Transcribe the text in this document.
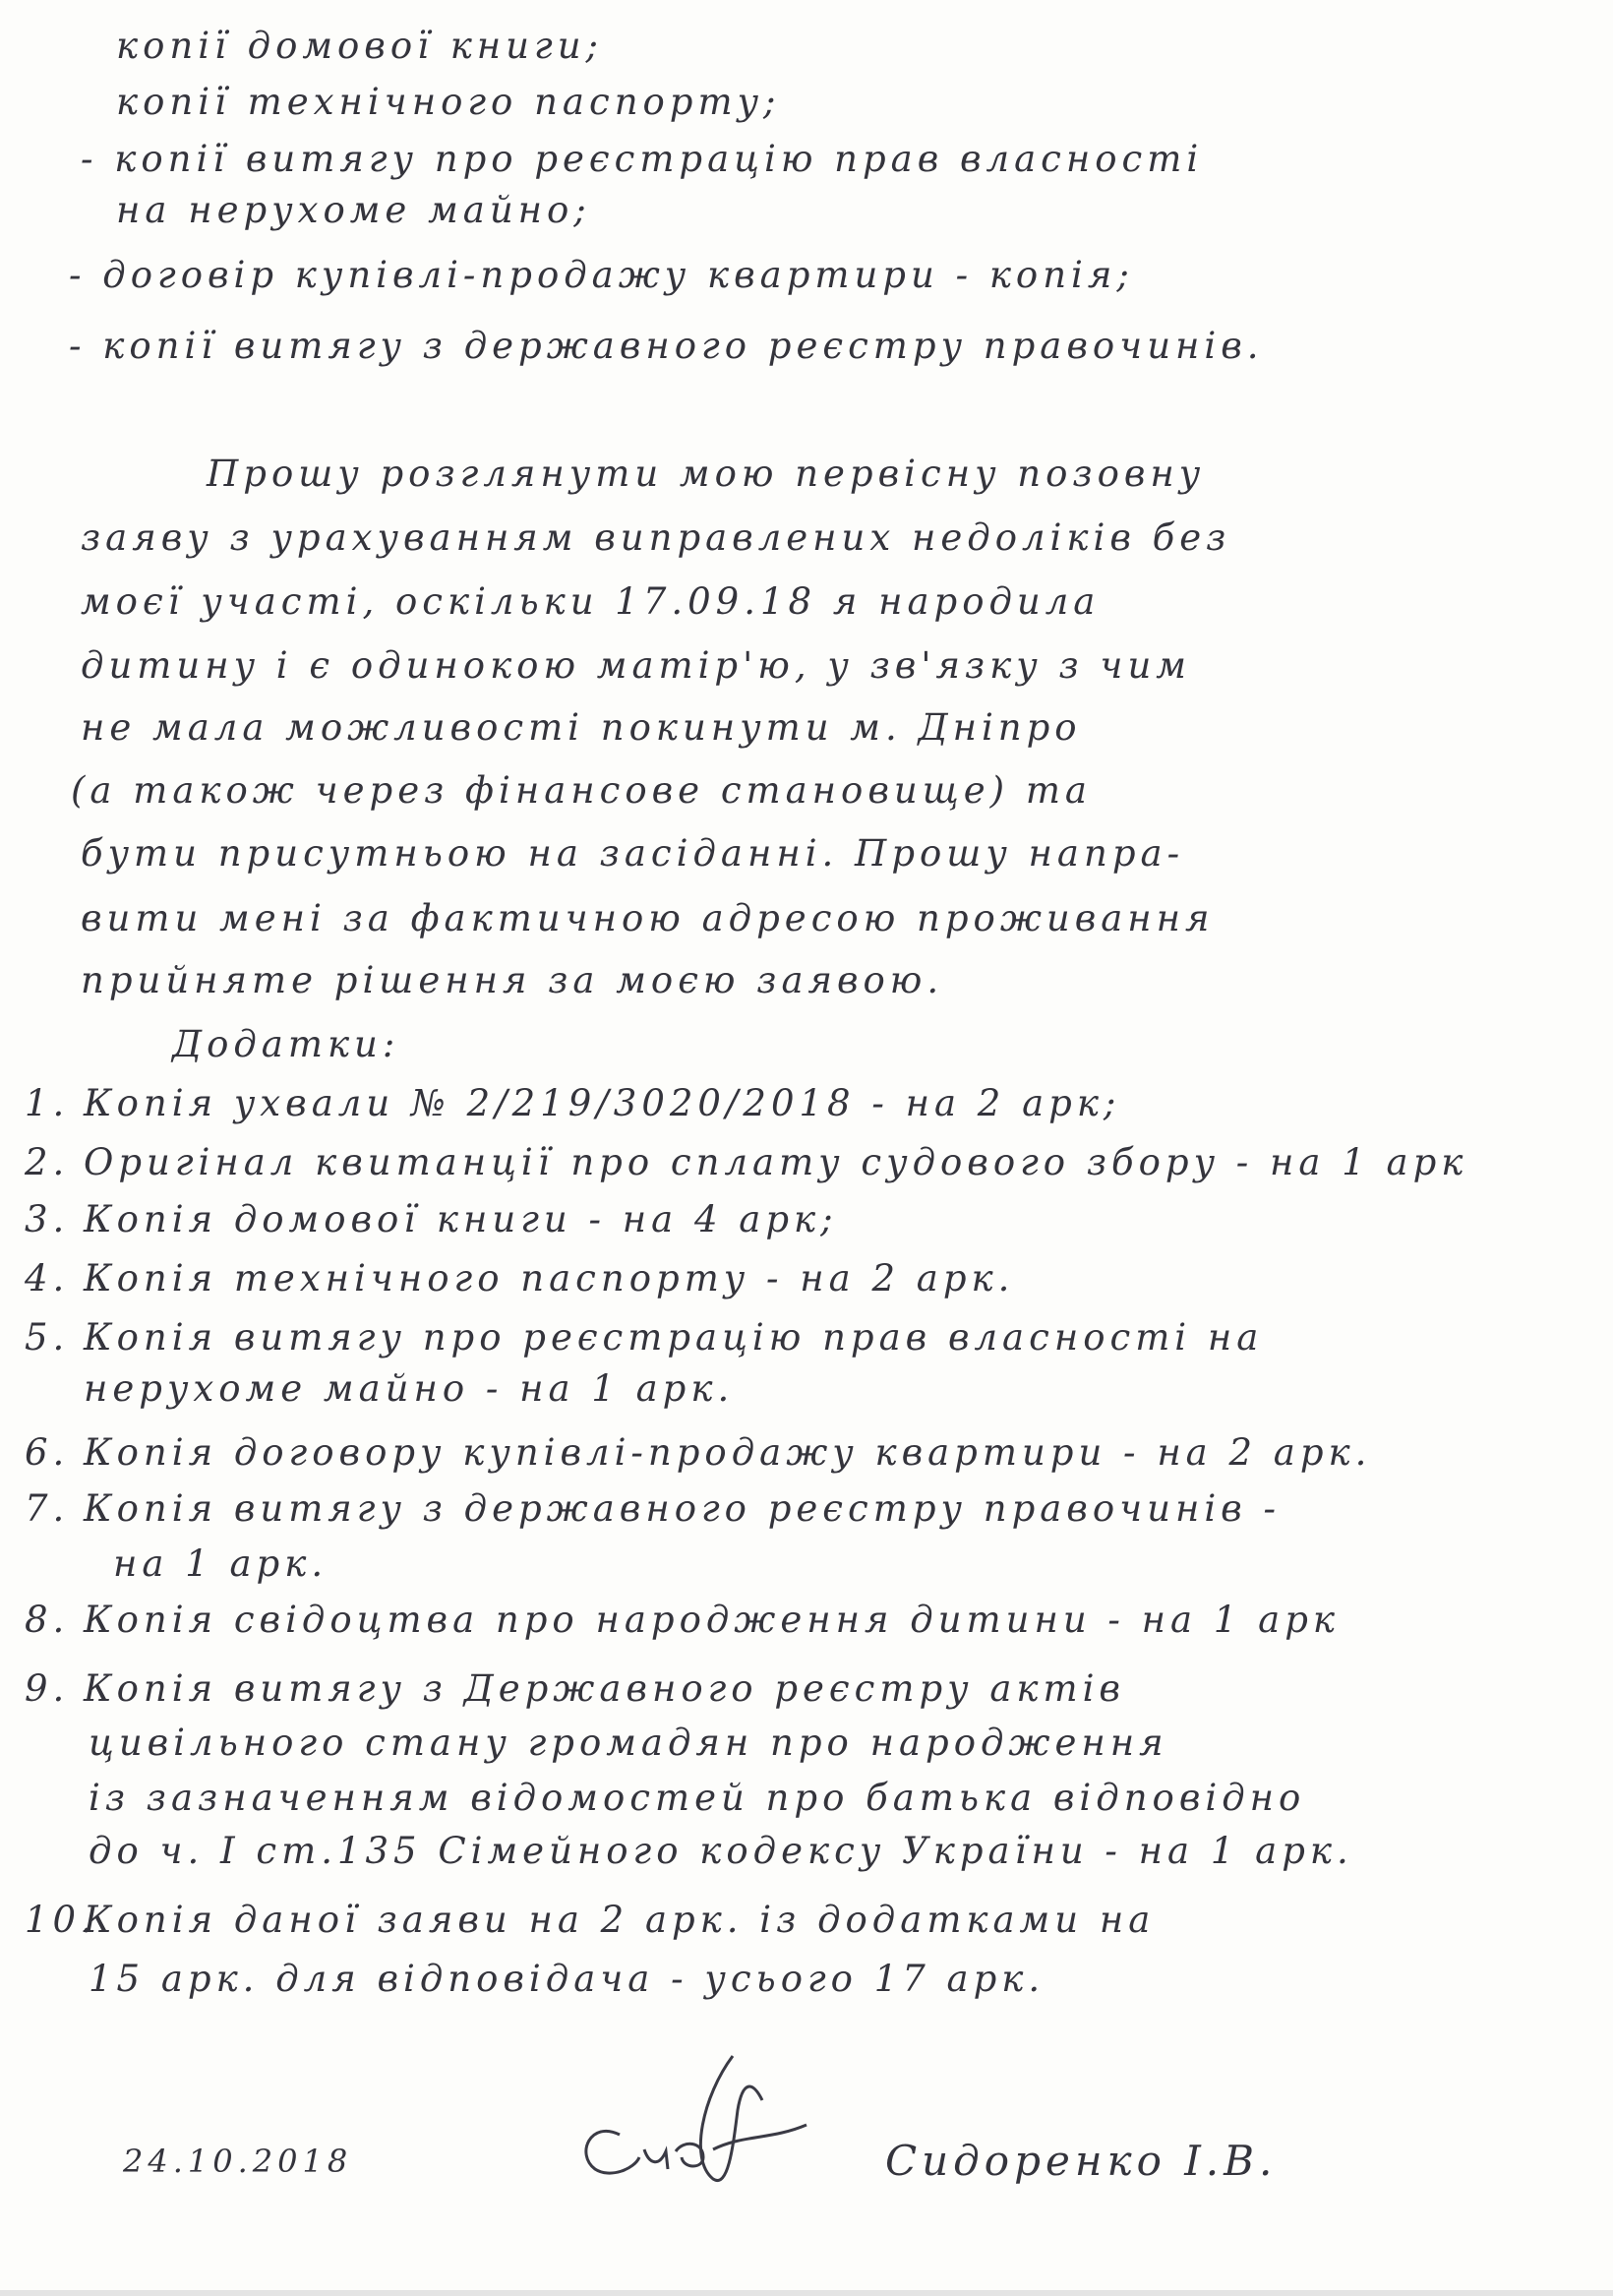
копії домової книги;
копії технічного паспорту;
- копії витягу про реєстрацію прав власності
на нерухоме майно;
- договір купівлі-продажу квартири - копія;
- копії витягу з державного реєстру правочинів.
Прошу розглянути мою первісну позовну
заяву з урахуванням виправлених недоліків без
моєї участі, оскільки 17.09.18 я народила
дитину і є одинокою матір'ю, у зв'язку з чим
не мала можливості покинути м. Дніпро
(а також через фінансове становище) та
бути присутньою на засіданні. Прошу напра-
вити мені за фактичною адресою проживання
прийняте рішення за моєю заявою.
Додатки:
1. Копія ухвали № 2/219/3020/2018 - на 2 арк;
2. Оригінал квитанції про сплату судового збору - на 1 арк
3. Копія домової книги - на 4 арк;
4. Копія технічного паспорту - на 2 арк.
5. Копія витягу про реєстрацію прав власності на
нерухоме майно - на 1 арк.
6. Копія договору купівлі-продажу квартири - на 2 арк.
7. Копія витягу з державного реєстру правочинів -
на 1 арк.
8. Копія свідоцтва про народження дитини - на 1 арк
9. Копія витягу з Державного реєстру актів
цивільного стану громадян про народження
із зазначенням відомостей про батька відповідно
до ч. I ст.135 Сімейного кодексу України - на 1 арк.
10.Копія даної заяви на 2 арк. із додатками на
15 арк. для відповідача - усього 17 арк.
24.10.2018	Сидоренко І.В.
